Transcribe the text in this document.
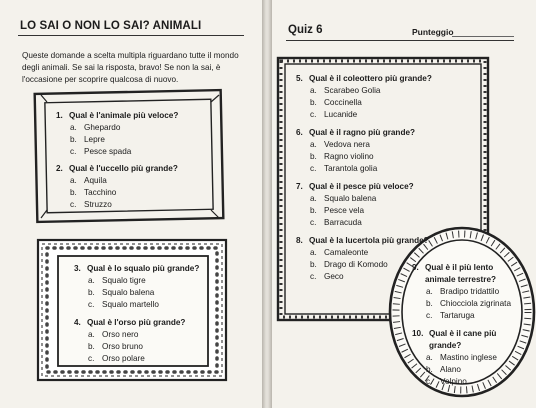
LO SAI O NON LO SAI? ANIMALI
Queste domande a scelta multipla riguardano tutte il mondo degli animali. Se sai la risposta, bravo! Se non la sai, è l'occasione per scoprire qualcosa di nuovo.
1. Qual è l'animale più veloce?
a. Ghepardo
b. Lepre
c. Pesce spada
2. Qual è l'uccello più grande?
a. Aquila
b. Tacchino
c. Struzzo
3. Qual è lo squalo più grande?
a. Squalo tigre
b. Squalo balena
c. Squalo martello
4. Qual è l'orso più grande?
a. Orso nero
b. Orso bruno
c. Orso polare
Quiz 6	Punteggio
5. Qual è il coleottero più grande?
a. Scarabeo Golia
b. Coccinella
c. Lucanide
6. Qual è il ragno più grande?
a. Vedova nera
b. Ragno violino
c. Tarantola golia
7. Qual è il pesce più veloce?
a. Squalo balena
b. Pesce vela
c. Barracuda
8. Qual è la lucertola più grande?
a. Camaleonte
b. Drago di Komodo
c. Geco
9. Qual è il più lento animale terrestre?
a. Bradipo tridattilo
b. Chiocciola zigrinata
c. Tartaruga
10. Qual è il cane più grande?
a. Mastino inglese
b. Alano
c. Volpino
